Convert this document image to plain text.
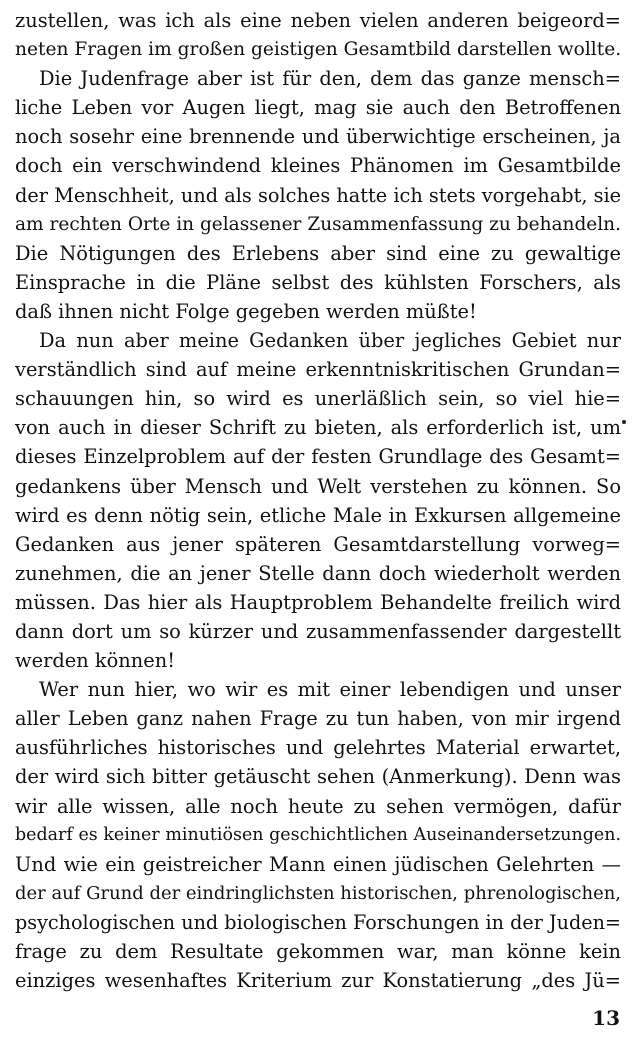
zustellen, was ich als eine neben vielen anderen beigeord=
neten Fragen im großen geistigen Gesamtbild darstellen wollte.
Die Judenfrage aber ist für den, dem das ganze mensch=
liche Leben vor Augen liegt, mag sie auch den Betroffenen
noch sosehr eine brennende und überwichtige erscheinen, ja
doch ein verschwindend kleines Phänomen im Gesamtbilde
der Menschheit, und als solches hatte ich stets vorgehabt, sie
am rechten Orte in gelassener Zusammenfassung zu behandeln.
Die Nötigungen des Erlebens aber sind eine zu gewaltige
Einsprache in die Pläne selbst des kühlsten Forschers, als
daß ihnen nicht Folge gegeben werden müßte!
Da nun aber meine Gedanken über jegliches Gebiet nur
verständlich sind auf meine erkenntniskritischen Grundan=
schauungen hin, so wird es unerläßlich sein, so viel hie=
von auch in dieser Schrift zu bieten, als erforderlich ist, um
dieses Einzelproblem auf der festen Grundlage des Gesamt=
gedankens über Mensch und Welt verstehen zu können. So
wird es denn nötig sein, etliche Male in Exkursen allgemeine
Gedanken aus jener späteren Gesamtdarstellung vorweg=
zunehmen, die an jener Stelle dann doch wiederholt werden
müssen. Das hier als Hauptproblem Behandelte freilich wird
dann dort um so kürzer und zusammenfassender dargestellt
werden können!
Wer nun hier, wo wir es mit einer lebendigen und unser
aller Leben ganz nahen Frage zu tun haben, von mir irgend
ausführliches historisches und gelehrtes Material erwartet,
der wird sich bitter getäuscht sehen (Anmerkung). Denn was
wir alle wissen, alle noch heute zu sehen vermögen, dafür
bedarf es keiner minutiösen geschichtlichen Auseinandersetzungen.
Und wie ein geistreicher Mann einen jüdischen Gelehrten —
der auf Grund der eindringlichsten historischen, phrenologischen,
psychologischen und biologischen Forschungen in der Juden=
frage zu dem Resultate gekommen war, man könne kein
einziges wesenhaftes Kriterium zur Konstatierung „des Jü=
13
